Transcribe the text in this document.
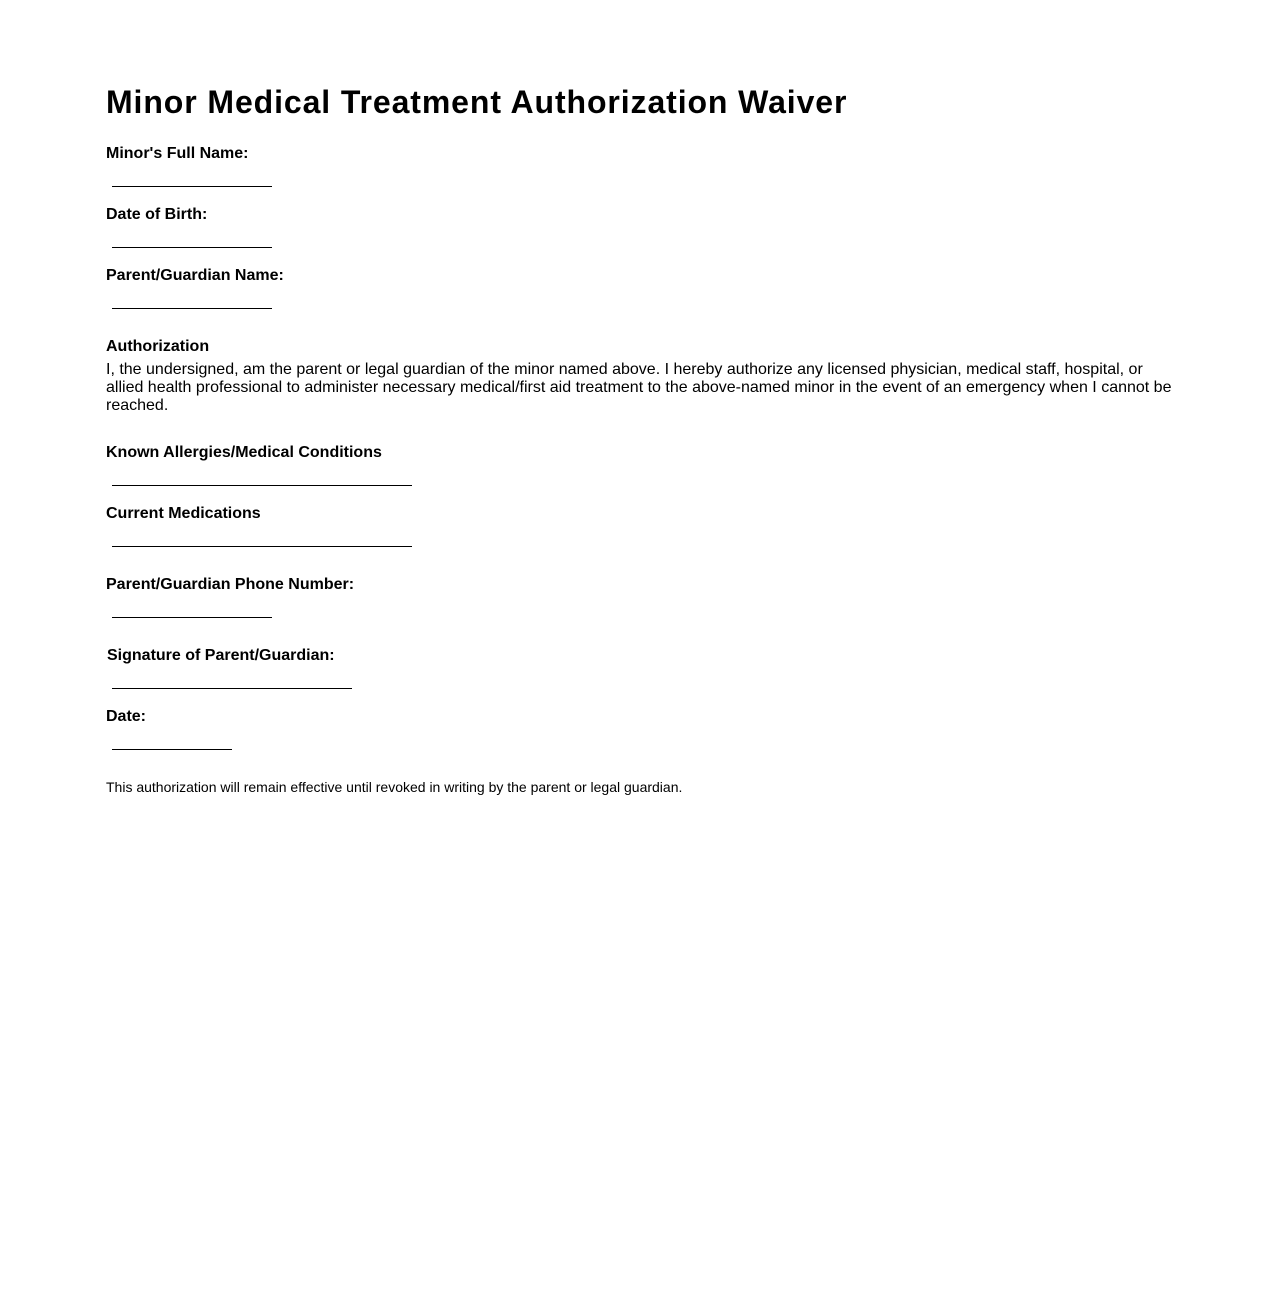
Minor Medical Treatment Authorization Waiver
Minor's Full Name:
Date of Birth:
Parent/Guardian Name:
Authorization

I, the undersigned, am the parent or legal guardian of the minor named above. I hereby authorize any licensed physician, medical staff, hospital, or allied health professional to administer necessary medical/first aid treatment to the above-named minor in the event of an emergency when I cannot be reached.

Known Allergies/Medical Conditions
Current Medications
Parent/Guardian Phone Number:
Signature of Parent/Guardian:
Date:

This authorization will remain effective until revoked in writing by the parent or legal guardian.
